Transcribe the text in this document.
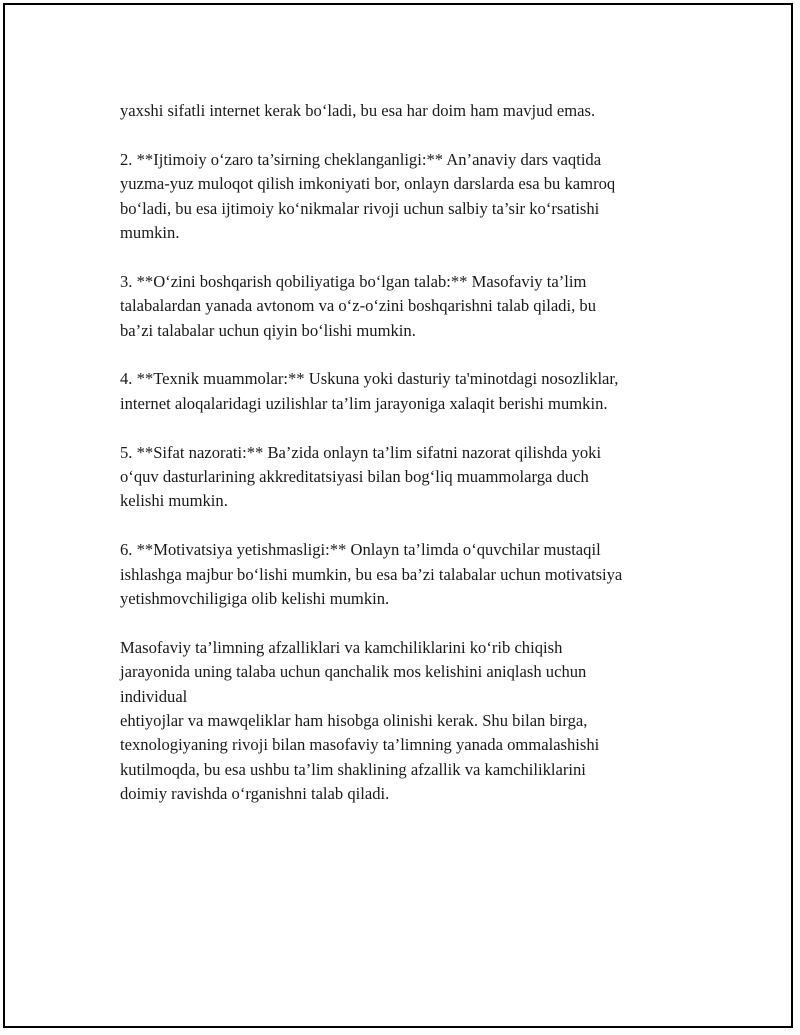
yaxshi sifatli internet kerak bo‘ladi, bu esa har doim ham mavjud emas.

2. **Ijtimoiy o‘zaro ta’sirning cheklanganligi:** An’anaviy dars vaqtida
yuzma-yuz muloqot qilish imkoniyati bor, onlayn darslarda esa bu kamroq
bo‘ladi, bu esa ijtimoiy ko‘nikmalar rivoji uchun salbiy ta’sir ko‘rsatishi
mumkin.

3. **O‘zini boshqarish qobiliyatiga bo‘lgan talab:** Masofaviy ta’lim
talabalardan yanada avtonom va o‘z-o‘zini boshqarishni talab qiladi, bu
ba’zi talabalar uchun qiyin bo‘lishi mumkin.

4. **Texnik muammolar:** Uskuna yoki dasturiy ta'minotdagi nosozliklar,
internet aloqalaridagi uzilishlar ta’lim jarayoniga xalaqit berishi mumkin.

5. **Sifat nazorati:** Ba’zida onlayn ta’lim sifatni nazorat qilishda yoki
o‘quv dasturlarining akkreditatsiyasi bilan bog‘liq muammolarga duch
kelishi mumkin.

6. **Motivatsiya yetishmasligi:** Onlayn ta’limda o‘quvchilar mustaqil
ishlashga majbur bo‘lishi mumkin, bu esa ba’zi talabalar uchun motivatsiya
yetishmovchiligiga olib kelishi mumkin.

Masofaviy ta’limning afzalliklari va kamchiliklarini ko‘rib chiqish
jarayonida uning talaba uchun qanchalik mos kelishini aniqlash uchun
individual
ehtiyojlar va mawqeliklar ham hisobga olinishi kerak. Shu bilan birga,
texnologiyaning rivoji bilan masofaviy ta’limning yanada ommalashishi
kutilmoqda, bu esa ushbu ta’lim shaklining afzallik va kamchiliklarini
doimiy ravishda o‘rganishni talab qiladi.
